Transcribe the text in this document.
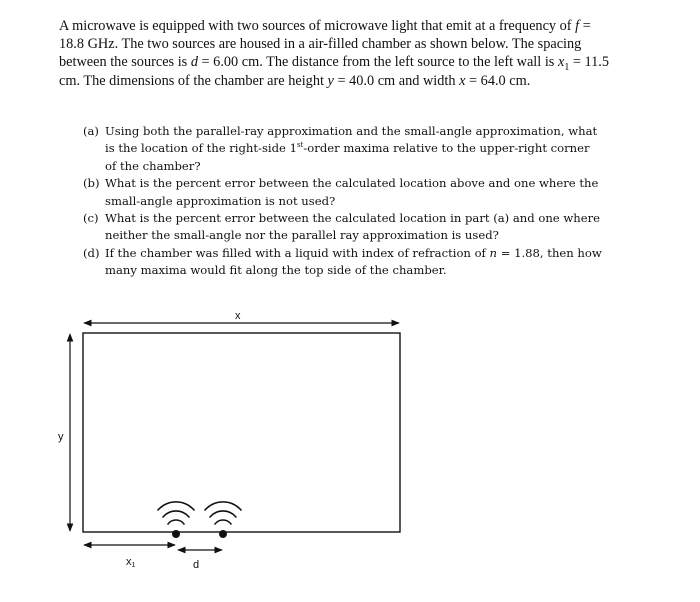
A microwave is equipped with two sources of microwave light that emit at a frequency of f = 18.8 GHz. The two sources are housed in a air-filled chamber as shown below. The spacing between the sources is d = 6.00 cm. The distance from the left source to the left wall is $x_1 = 11.5$ cm. The dimensions of the chamber are height y = 40.0 cm and width x = 64.0 cm.
(a) Using both the parallel-ray approximation and the small-angle approximation, what is the location of the right-side 1st-order maxima relative to the upper-right corner of the chamber?
(b) What is the percent error between the calculated location above and one where the small-angle approximation is not used?
(c) What is the percent error between the calculated location in part (a) and one where neither the small-angle nor the parallel ray approximation is used?
(d) If the chamber was filled with a liquid with index of refraction of n = 1.88, then how many maxima would fit along the top side of the chamber.
x
y
x1	d
